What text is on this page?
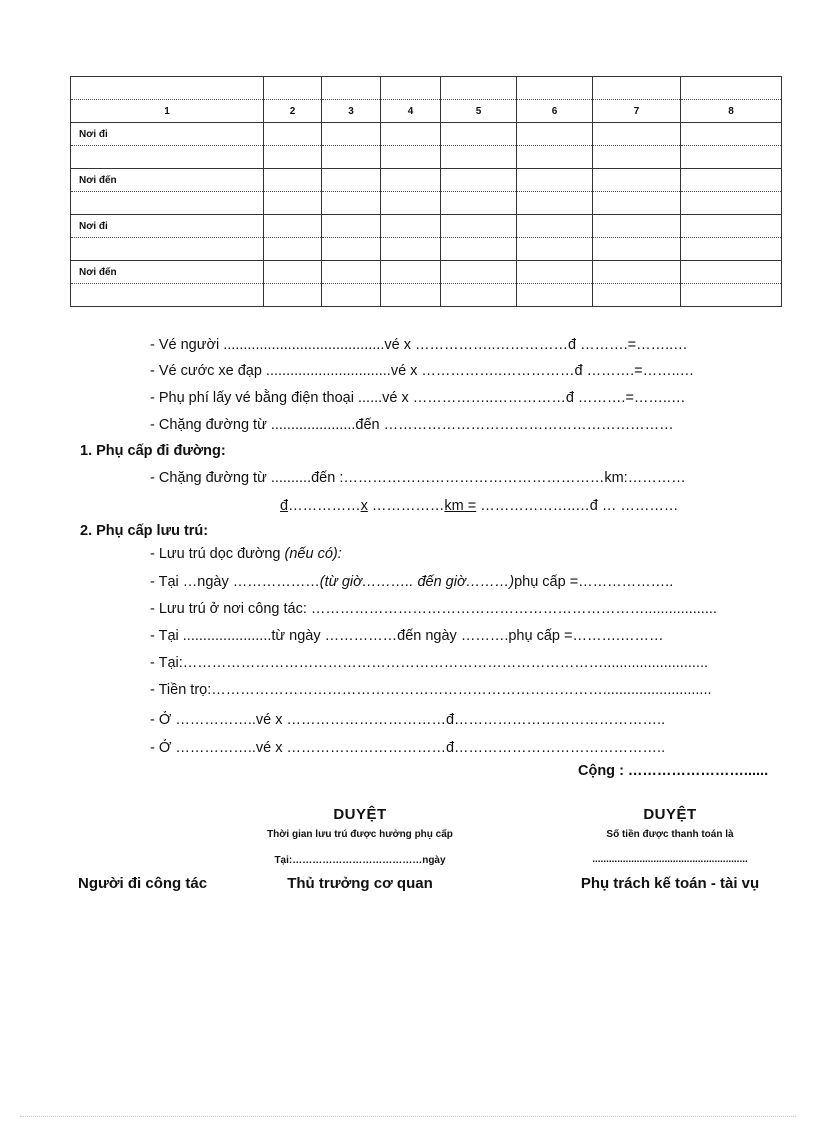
1	2	3	4	5	6	7	8
Nơi đi							

Nơi đến							

Nơi đi							

Nơi đến							

- Vé người ........................................vé x ……………..……………đ ……….=……..…
- Vé cước xe đạp ...............................vé x ……………..……………đ ……….=……..…
- Phụ phí lấy vé bằng điện thoại ......vé x ……………..……………đ ……….=……..…
- Chặng đường từ .....................đến ……………………………………………………
1. Phụ cấp đi đường:
- Chặng đường từ ..........đến :………………………………………………km:…………
đ……………x ……………km = ………………..…đ … …………
2. Phụ cấp lưu trú:
- Lưu trú dọc đường (nếu có):
- Tại …ngày ………………(từ giờ……….. đến giờ………)phụ cấp =………………..
- Lưu trú ở nơi công tác: ……………………………………………………………..................
- Tại ......................từ ngày ……………đến ngày ……….phụ cấp =……….………
- Tại:……………………………………………………………………………..........................
- Tiền trọ:………………………………………………………………………...........................
- Ở ……………..vé x ……………………………đ……………………………………..
- Ở ……………..vé x ……………………………đ……………………………………..
Cộng : ……………………......
DUYỆT
Thời gian lưu trú được hưởng phụ cấp
Tại:…………………………………ngày
DUYỆT
Số tiền được thanh toán là
........................................................
Người đi công tác	Thủ trưởng cơ quan	Phụ trách kế toán - tài vụ
